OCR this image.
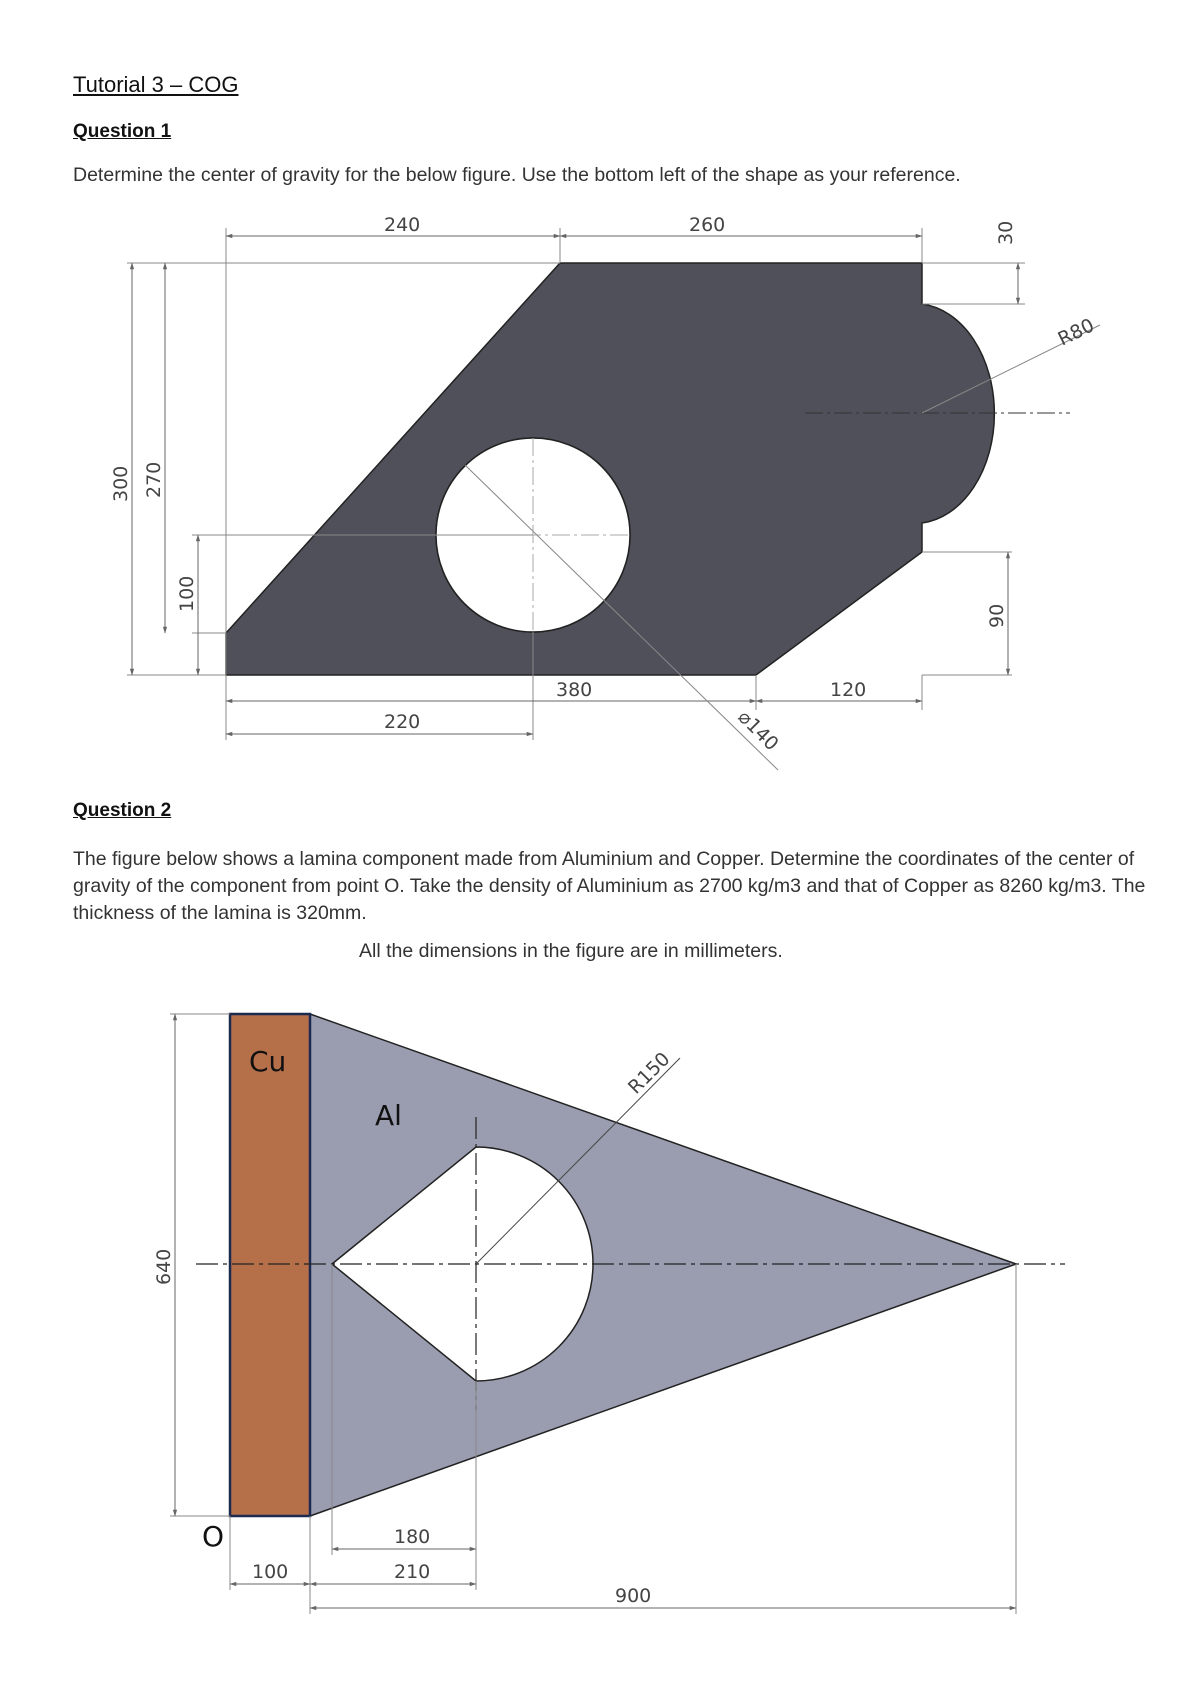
Tutorial 3 – COG
Question 1
Determine the center of gravity for the below figure. Use the bottom left of the shape as your reference.
240	260	30
R80
300 270
100
90
380	120
220	⌀140
Question 2
The figure below shows a lamina component made from Aluminium and Copper. Determine the coordinates of the center of gravity of the component from point O. Take the density of Aluminium as 2700 kg/m3 and that of Copper as 8260 kg/m3. The thickness of the lamina is 320mm.
All the dimensions in the figure are in millimeters.
Cu
Al
O
640
R150
180
100	210
900
